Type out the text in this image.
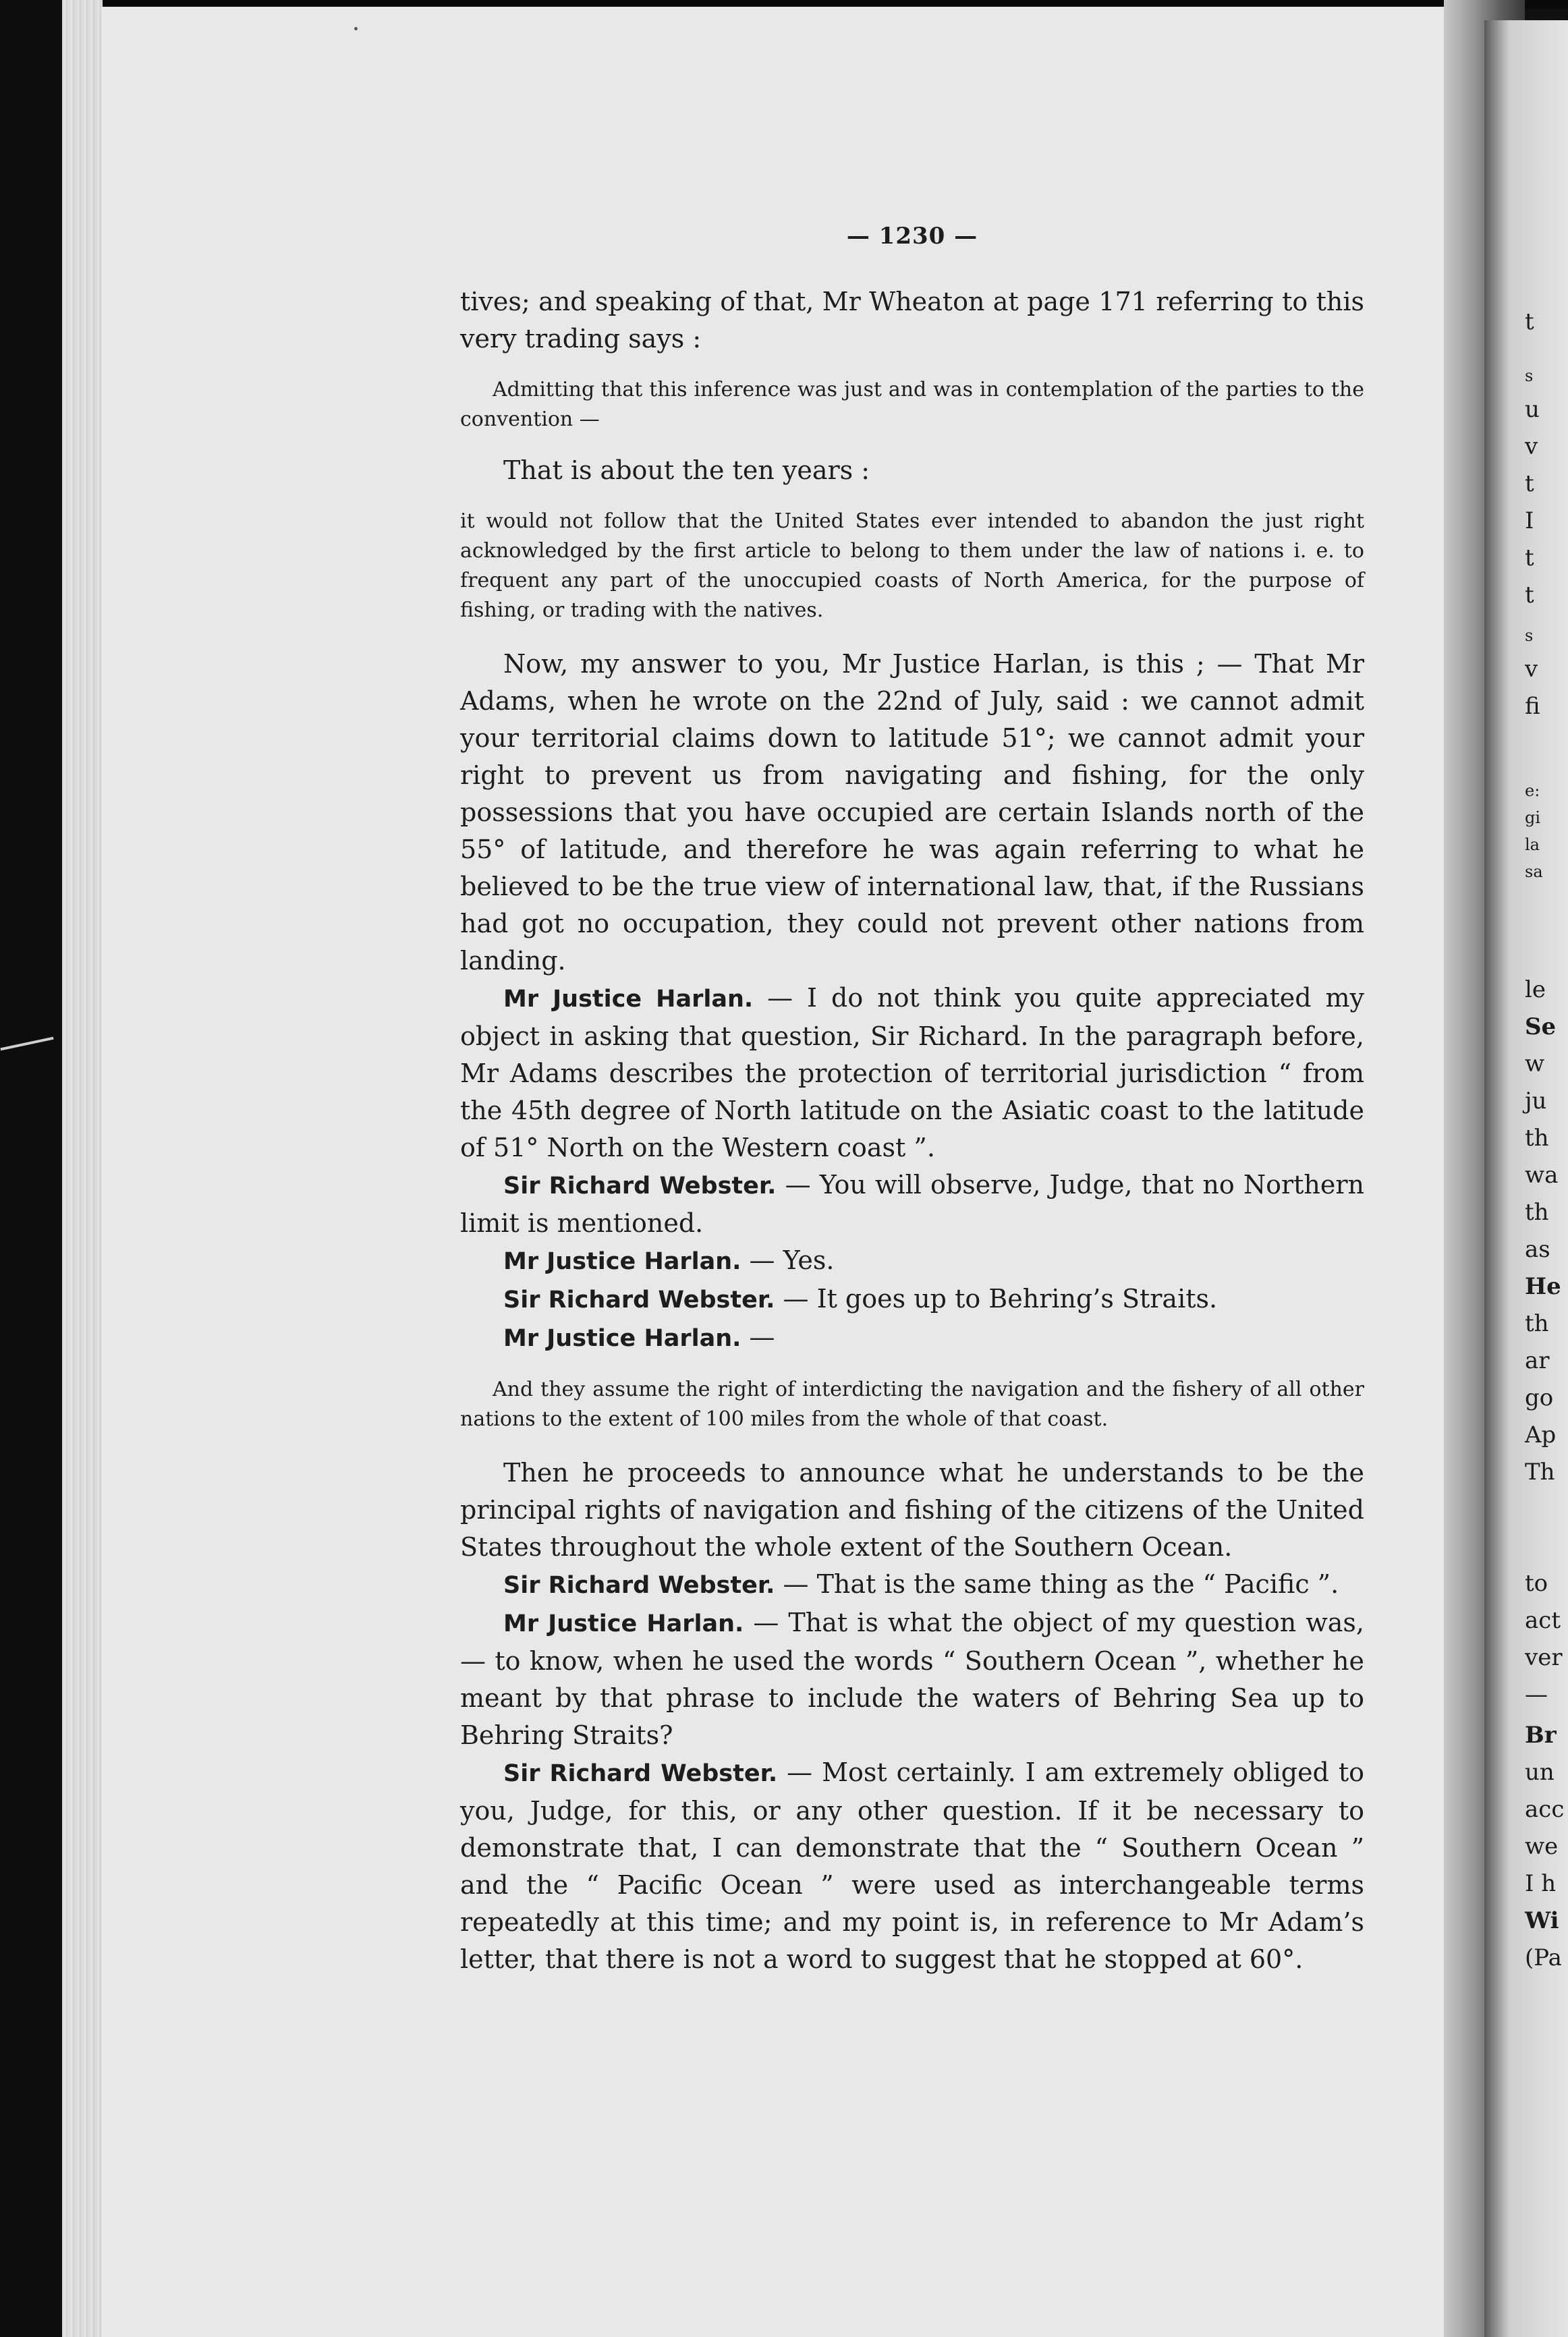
t
s
u
v
t
I
t
t
s
v
fi
e:
gi
la
sa
le
Se
w
ju
th
wa
th
as
He
th
ar
go
Ap
Th
to
act
ver
—
Br
un
acc
we
I h
Wi
(Pa
— 1230 —

tives; and speaking of that, Mr Wheaton at page 171 referring to this very trading says :

Admitting that this inference was just and was in contemplation of the parties to the convention —

That is about the ten years :

it would not follow that the United States ever intended to abandon the just right acknowledged by the first article to belong to them under the law of nations i. e. to frequent any part of the unoccupied coasts of North America, for the purpose of fishing, or trading with the natives.

Now, my answer to you, Mr Justice Harlan, is this ; — That Mr Adams, when he wrote on the 22nd of July, said : we cannot admit your territorial claims down to latitude 51°; we cannot admit your right to prevent us from navigating and fishing, for the only possessions that you have occupied are certain Islands north of the 55° of latitude, and therefore he was again referring to what he believed to be the true view of international law, that, if the Russians had got no occupation, they could not prevent other nations from landing.

Mr Justice Harlan. — I do not think you quite appreciated my object in asking that question, Sir Richard. In the paragraph before, Mr Adams describes the protection of territorial jurisdiction “ from the 45th degree of North latitude on the Asiatic coast to the latitude of 51° North on the Western coast ”.

Sir Richard Webster. — You will observe, Judge, that no Northern limit is mentioned.

Mr Justice Harlan. — Yes.

Sir Richard Webster. — It goes up to Behring’s Straits.

Mr Justice Harlan. —

And they assume the right of interdicting the navigation and the fishery of all other nations to the extent of 100 miles from the whole of that coast.

Then he proceeds to announce what he understands to be the principal rights of navigation and fishing of the citizens of the United States throughout the whole extent of the Southern Ocean.

Sir Richard Webster. — That is the same thing as the “ Pacific ”.

Mr Justice Harlan. — That is what the object of my question was, — to know, when he used the words “ Southern Ocean ”, whether he meant by that phrase to include the waters of Behring Sea up to Behring Straits?

Sir Richard Webster. — Most certainly. I am extremely obliged to you, Judge, for this, or any other question. If it be necessary to demonstrate that, I can demonstrate that the “ Southern Ocean ” and the “ Pacific Ocean ” were used as interchangeable terms repeatedly at this time; and my point is, in reference to Mr Adam’s letter, that there is not a word to suggest that he stopped at 60°.
